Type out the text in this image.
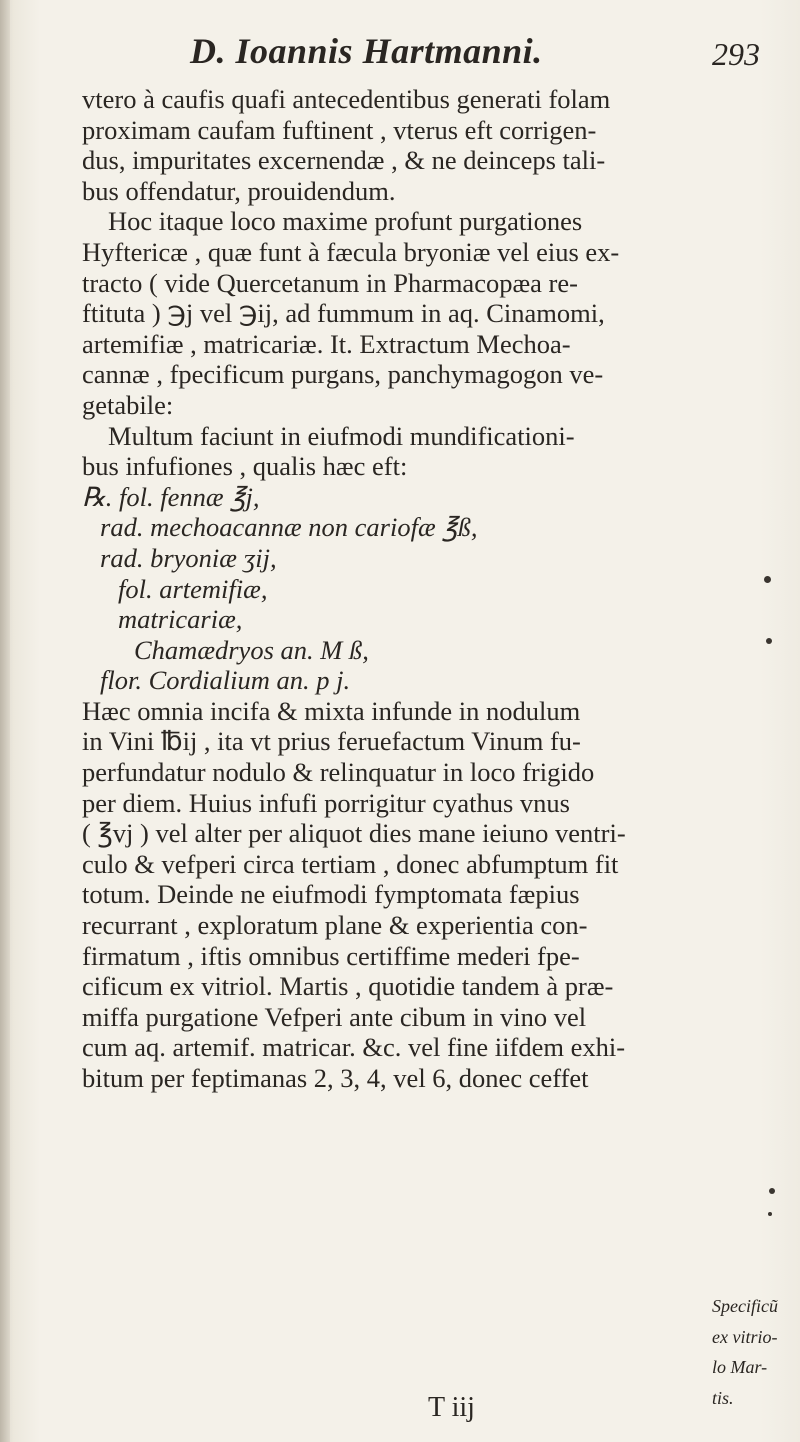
D. Ioannis Hartmanni.	293
vtero à caufis quafi antecedentibus generati folam
proximam caufam fuftinent , vterus eft corrigen-
dus, impuritates excernendæ , & ne deinceps tali-
bus offendatur, prouidendum.
Hoc itaque loco maxime profunt purgationes
Hyftericæ , quæ funt à fæcula bryoniæ vel eius ex-
tracto ( vide Quercetanum in Pharmacopæa re-
ftituta ) ℈j vel ℈ij, ad fummum in aq. Cinamomi,
artemifiæ , matricariæ. It. Extractum Mechoa-
cannæ , fpecificum purgans, panchymagogon ve-
getabile:
Multum faciunt in eiufmodi mundificationi-
bus infufiones , qualis hæc eft:
℞. fol. fennæ ℥j,
rad. mechoacannæ non cariofæ ℥ß,
rad. bryoniæ ʒij,
fol. artemifiæ,
matricariæ,
Chamædryos an. M ß,
flor. Cordialium an. p j.
Hæc omnia incifa & mixta infunde in nodulum
in Vini ℔ij , ita vt prius feruefactum Vinum fu-
perfundatur nodulo & relinquatur in loco frigido
per diem. Huius infufi porrigitur cyathus vnus
( ℥vj ) vel alter per aliquot dies mane ieiuno ventri-
culo & vefperi circa tertiam , donec abfumptum fit
totum. Deinde ne eiufmodi fymptomata fæpius
recurrant , exploratum plane & experientia con-
firmatum , iftis omnibus certiffime mederi fpe-
cificum ex vitriol. Martis , quotidie tandem à præ-
miffa purgatione Vefperi ante cibum in vino vel
cum aq. artemif. matricar. &c. vel fine iifdem exhi-
bitum per feptimanas 2, 3, 4, vel 6, donec ceffet
Specificũ
ex vitrio-
lo Mar-
tis.
T iij
